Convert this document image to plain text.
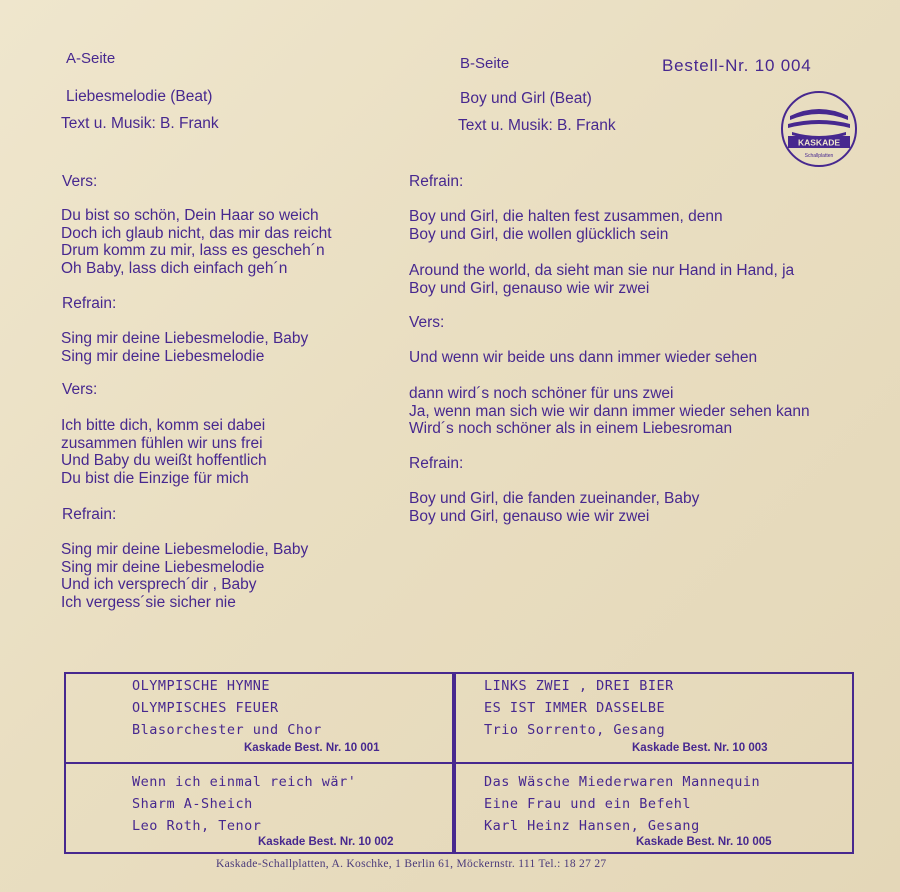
A-Seite	B-Seite	Bestell-Nr. 10 004
Liebesmelodie (Beat)
Text u. Musik: B. Frank
Boy und Girl (Beat)
Text u. Musik: B. Frank
KASKADE
Schallplatten
Vers:
Du bist so schön, Dein Haar so weich
Doch ich glaub nicht, das mir das reicht
Drum komm zu mir, lass es gescheh´n
Oh Baby, lass dich einfach geh´n
Refrain:
Sing mir deine Liebesmelodie, Baby
Sing mir deine Liebesmelodie
Vers:
Ich bitte dich, komm sei dabei
zusammen fühlen wir uns frei
Und Baby du weißt hoffentlich
Du bist die Einzige für mich
Refrain:
Sing mir deine Liebesmelodie, Baby
Sing mir deine Liebesmelodie
Und ich versprech´dir , Baby
Ich vergess´sie sicher nie
Refrain:
Boy und Girl, die halten fest zusammen, denn
Boy und Girl, die wollen glücklich sein
Around the world, da sieht man sie nur Hand in Hand, ja
Boy und Girl, genauso wie wir zwei
Vers:
Und wenn wir beide uns dann immer wieder sehen
dann wird´s noch schöner für uns zwei
Ja, wenn man sich wie wir dann immer wieder sehen kann
Wird´s noch schöner als in einem Liebesroman
Refrain:
Boy und Girl, die fanden zueinander, Baby
Boy und Girl, genauso wie wir zwei
OLYMPISCHE HYMNE
OLYMPISCHES FEUER
Blasorchester und Chor
Kaskade Best. Nr. 10 001
LINKS ZWEI , DREI BIER
ES IST IMMER DASSELBE
Trio Sorrento, Gesang
Kaskade Best. Nr. 10 003
Wenn ich einmal reich wär'
Sharm A-Sheich
Leo Roth, Tenor
Kaskade Best. Nr. 10 002
Das Wäsche Miederwaren Mannequin
Eine Frau und ein Befehl
Karl Heinz Hansen, Gesang
Kaskade Best. Nr. 10 005
Kaskade-Schallplatten, A. Koschke, 1 Berlin 61, Möckernstr. 111 Tel.: 18 27 27
